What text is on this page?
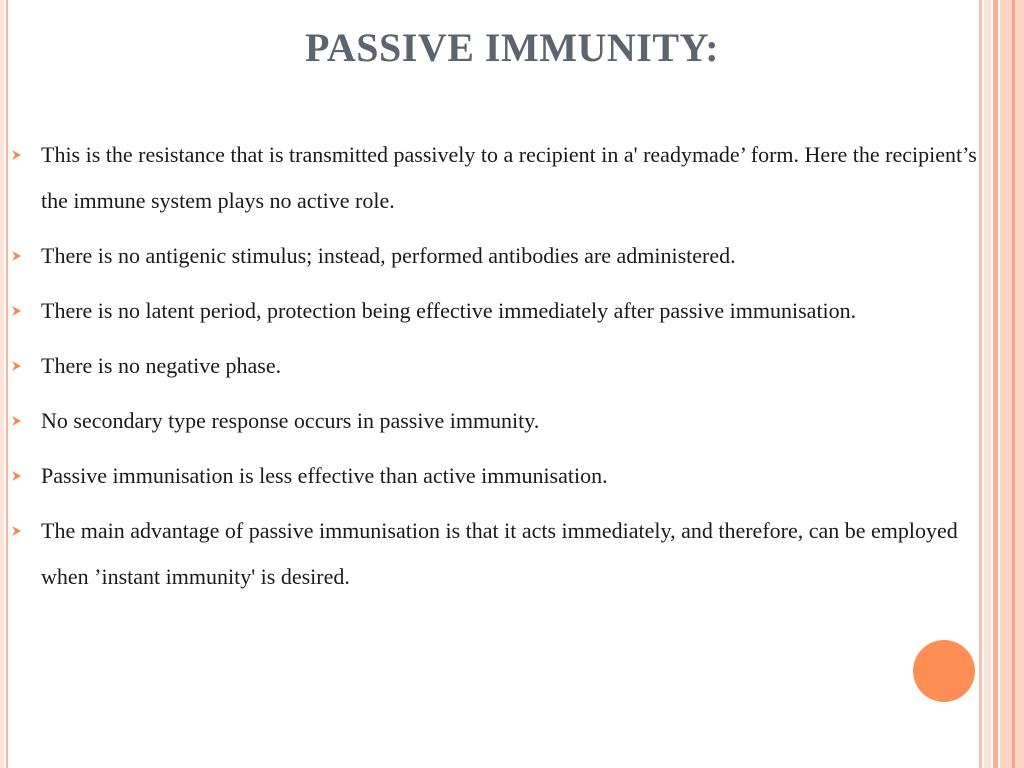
PASSIVE IMMUNITY:
This is the resistance that is transmitted passively to a recipient in a' readymade’ form. Here the recipient’s the immune system plays no active role.
There is no antigenic stimulus; instead, performed antibodies are administered.
There is no latent period, protection being effective immediately after passive immunisation.
There is no negative phase.
No secondary type response occurs in passive immunity.
Passive immunisation is less effective than active immunisation.
The main advantage of passive immunisation is that it acts immediately, and therefore, can be employed when ’instant immunity' is desired.
